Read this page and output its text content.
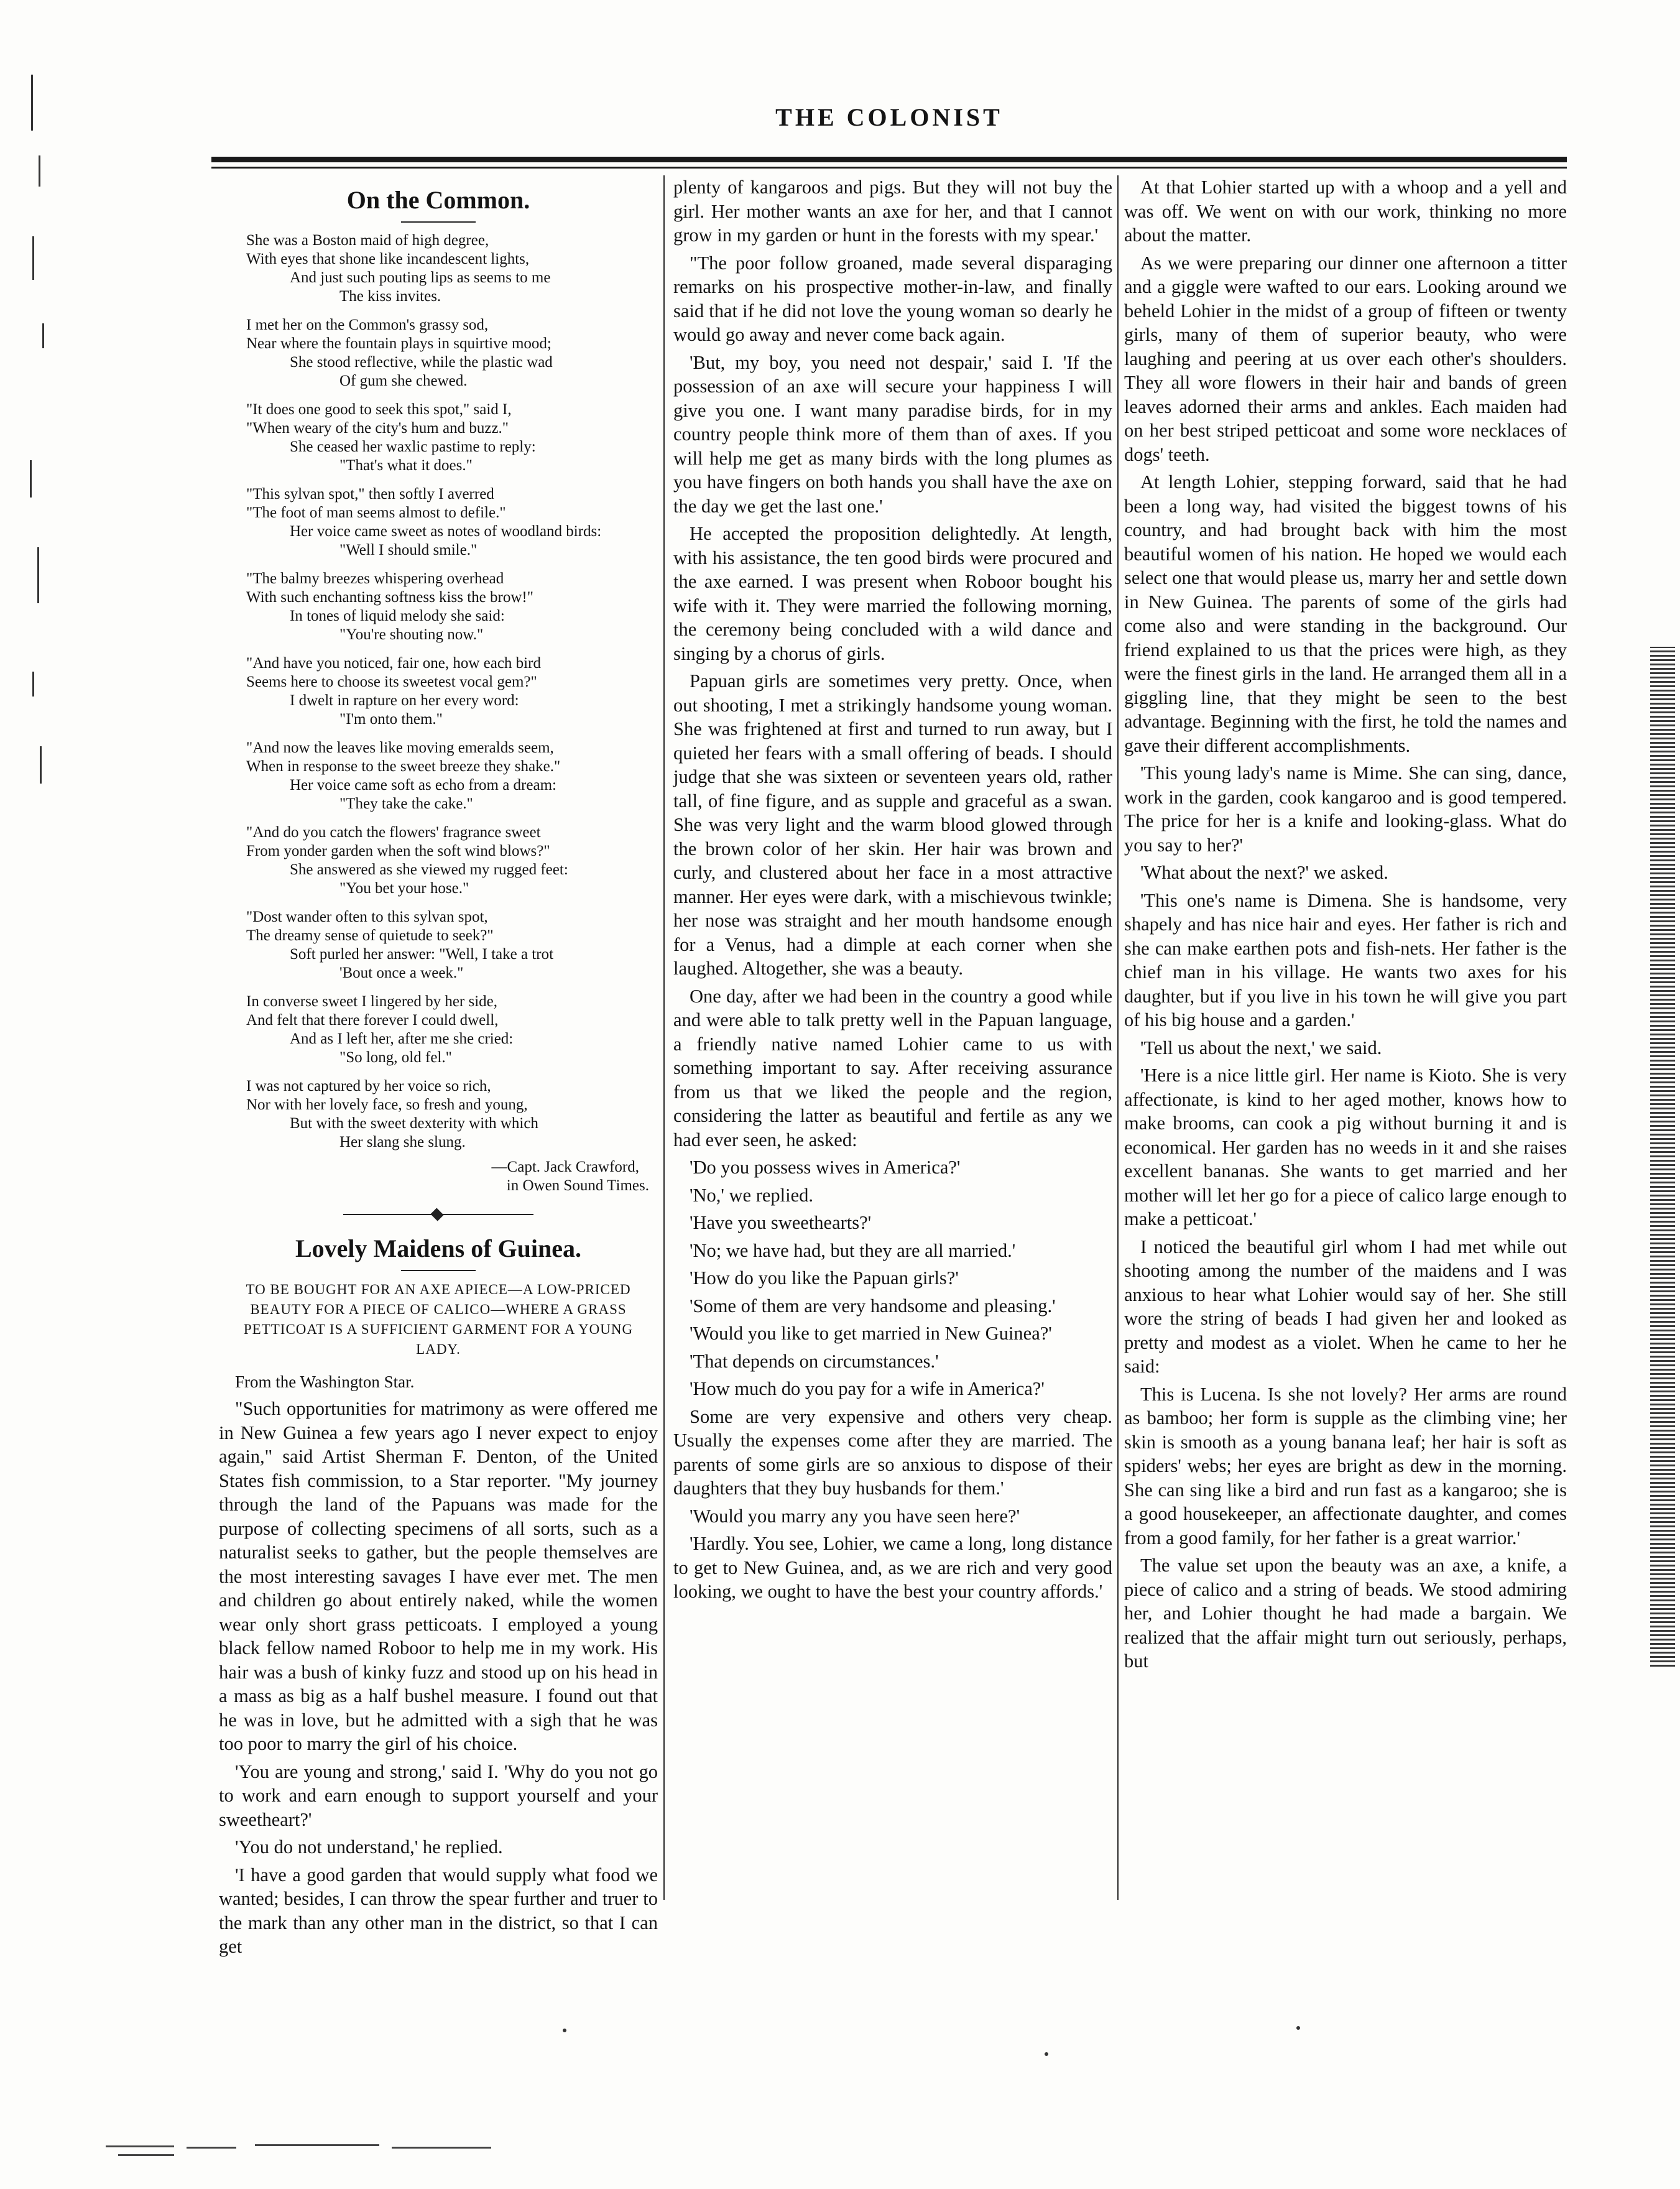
THE COLONIST
On the Common.
She was a Boston maid of high degree,
With eyes that shone like incandescent lights,
And just such pouting lips as seems to me
The kiss invites.
I met her on the Common's grassy sod,
Near where the fountain plays in squirtive mood;
She stood reflective, while the plastic wad
Of gum she chewed.
"It does one good to seek this spot," said I,
"When weary of the city's hum and buzz."
She ceased her waxlic pastime to reply:
"That's what it does."
"This sylvan spot," then softly I averred
"The foot of man seems almost to defile."
Her voice came sweet as notes of woodland birds:
"Well I should smile."
"The balmy breezes whispering overhead
With such enchanting softness kiss the brow!"
In tones of liquid melody she said:
"You're shouting now."
"And have you noticed, fair one, how each bird
Seems here to choose its sweetest vocal gem?"
I dwelt in rapture on her every word:
"I'm onto them."
"And now the leaves like moving emeralds seem,
When in response to the sweet breeze they shake."
Her voice came soft as echo from a dream:
"They take the cake."
"And do you catch the flowers' fragrance sweet
From yonder garden when the soft wind blows?"
She answered as she viewed my rugged feet:
"You bet your hose."
"Dost wander often to this sylvan spot,
The dreamy sense of quietude to seek?"
Soft purled her answer: "Well, I take a trot
'Bout once a week."
In converse sweet I lingered by her side,
And felt that there forever I could dwell,
And as I left her, after me she cried:
"So long, old fel."
I was not captured by her voice so rich,
Nor with her lovely face, so fresh and young,
But with the sweet dexterity with which
Her slang she slung.
—Capt. Jack Crawford,
in Owen Sound Times.
Lovely Maidens of Guinea.
TO BE BOUGHT FOR AN AXE APIECE—A LOW-PRICED BEAUTY FOR A PIECE OF CALICO—WHERE A GRASS PETTICOAT IS A SUFFICIENT GARMENT FOR A YOUNG LADY.

From the Washington Star.

"Such opportunities for matrimony as were offered me in New Guinea a few years ago I never expect to enjoy again," said Artist Sherman F. Denton, of the United States fish commission, to a Star reporter. "My journey through the land of the Papuans was made for the purpose of collecting specimens of all sorts, such as a naturalist seeks to gather, but the people themselves are the most interesting savages I have ever met. The men and children go about entirely naked, while the women wear only short grass petticoats. I employed a young black fellow named Roboor to help me in my work. His hair was a bush of kinky fuzz and stood up on his head in a mass as big as a half bushel measure. I found out that he was in love, but he admitted with a sigh that he was too poor to marry the girl of his choice.

'You are young and strong,' said I. 'Why do you not go to work and earn enough to support yourself and your sweetheart?'

'You do not understand,' he replied.

'I have a good garden that would supply what food we wanted; besides, I can throw the spear further and truer to the mark than any other man in the district, so that I can get

plenty of kangaroos and pigs. But they will not buy the girl. Her mother wants an axe for her, and that I cannot grow in my garden or hunt in the forests with my spear.'

"The poor follow groaned, made several disparaging remarks on his prospective mother-in-law, and finally said that if he did not love the young woman so dearly he would go away and never come back again.

'But, my boy, you need not despair,' said I. 'If the possession of an axe will secure your happiness I will give you one. I want many paradise birds, for in my country people think more of them than of axes. If you will help me get as many birds with the long plumes as you have fingers on both hands you shall have the axe on the day we get the last one.'

He accepted the proposition delightedly. At length, with his assistance, the ten good birds were procured and the axe earned. I was present when Roboor bought his wife with it. They were married the following morning, the ceremony being concluded with a wild dance and singing by a chorus of girls.

Papuan girls are sometimes very pretty. Once, when out shooting, I met a strikingly handsome young woman. She was frightened at first and turned to run away, but I quieted her fears with a small offering of beads. I should judge that she was sixteen or seventeen years old, rather tall, of fine figure, and as supple and graceful as a swan. She was very light and the warm blood glowed through the brown color of her skin. Her hair was brown and curly, and clustered about her face in a most attractive manner. Her eyes were dark, with a mischievous twinkle; her nose was straight and her mouth handsome enough for a Venus, had a dimple at each corner when she laughed. Altogether, she was a beauty.

One day, after we had been in the country a good while and were able to talk pretty well in the Papuan language, a friendly native named Lohier came to us with something important to say. After receiving assurance from us that we liked the people and the region, considering the latter as beautiful and fertile as any we had ever seen, he asked:

'Do you possess wives in America?'

'No,' we replied.

'Have you sweethearts?'

'No; we have had, but they are all married.'

'How do you like the Papuan girls?'

'Some of them are very handsome and pleasing.'

'Would you like to get married in New Guinea?'

'That depends on circumstances.'

'How much do you pay for a wife in America?'

Some are very expensive and others very cheap. Usually the expenses come after they are married. The parents of some girls are so anxious to dispose of their daughters that they buy husbands for them.'

'Would you marry any you have seen here?'

'Hardly. You see, Lohier, we came a long, long distance to get to New Guinea, and, as we are rich and very good looking, we ought to have the best your country affords.'

At that Lohier started up with a whoop and a yell and was off. We went on with our work, thinking no more about the matter.

As we were preparing our dinner one afternoon a titter and a giggle were wafted to our ears. Looking around we beheld Lohier in the midst of a group of fifteen or twenty girls, many of them of superior beauty, who were laughing and peering at us over each other's shoulders. They all wore flowers in their hair and bands of green leaves adorned their arms and ankles. Each maiden had on her best striped petticoat and some wore necklaces of dogs' teeth.

At length Lohier, stepping forward, said that he had been a long way, had visited the biggest towns of his country, and had brought back with him the most beautiful women of his nation. He hoped we would each select one that would please us, marry her and settle down in New Guinea. The parents of some of the girls had come also and were standing in the background. Our friend explained to us that the prices were high, as they were the finest girls in the land. He arranged them all in a giggling line, that they might be seen to the best advantage. Beginning with the first, he told the names and gave their different accomplishments.

'This young lady's name is Mime. She can sing, dance, work in the garden, cook kangaroo and is good tempered. The price for her is a knife and looking-glass. What do you say to her?'

'What about the next?' we asked.

'This one's name is Dimena. She is handsome, very shapely and has nice hair and eyes. Her father is rich and she can make earthen pots and fish-nets. Her father is the chief man in his village. He wants two axes for his daughter, but if you live in his town he will give you part of his big house and a garden.'

'Tell us about the next,' we said.

'Here is a nice little girl. Her name is Kioto. She is very affectionate, is kind to her aged mother, knows how to make brooms, can cook a pig without burning it and is economical. Her garden has no weeds in it and she raises excellent bananas. She wants to get married and her mother will let her go for a piece of calico large enough to make a petticoat.'

I noticed the beautiful girl whom I had met while out shooting among the number of the maidens and I was anxious to hear what Lohier would say of her. She still wore the string of beads I had given her and looked as pretty and modest as a violet. When he came to her he said:

This is Lucena. Is she not lovely? Her arms are round as bamboo; her form is supple as the climbing vine; her skin is smooth as a young banana leaf; her hair is soft as spiders' webs; her eyes are bright as dew in the morning. She can sing like a bird and run fast as a kangaroo; she is a good housekeeper, an affectionate daughter, and comes from a good family, for her father is a great warrior.'

The value set upon the beauty was an axe, a knife, a piece of calico and a string of beads. We stood admiring her, and Lohier thought he had made a bargain. We realized that the affair might turn out seriously, perhaps, but
